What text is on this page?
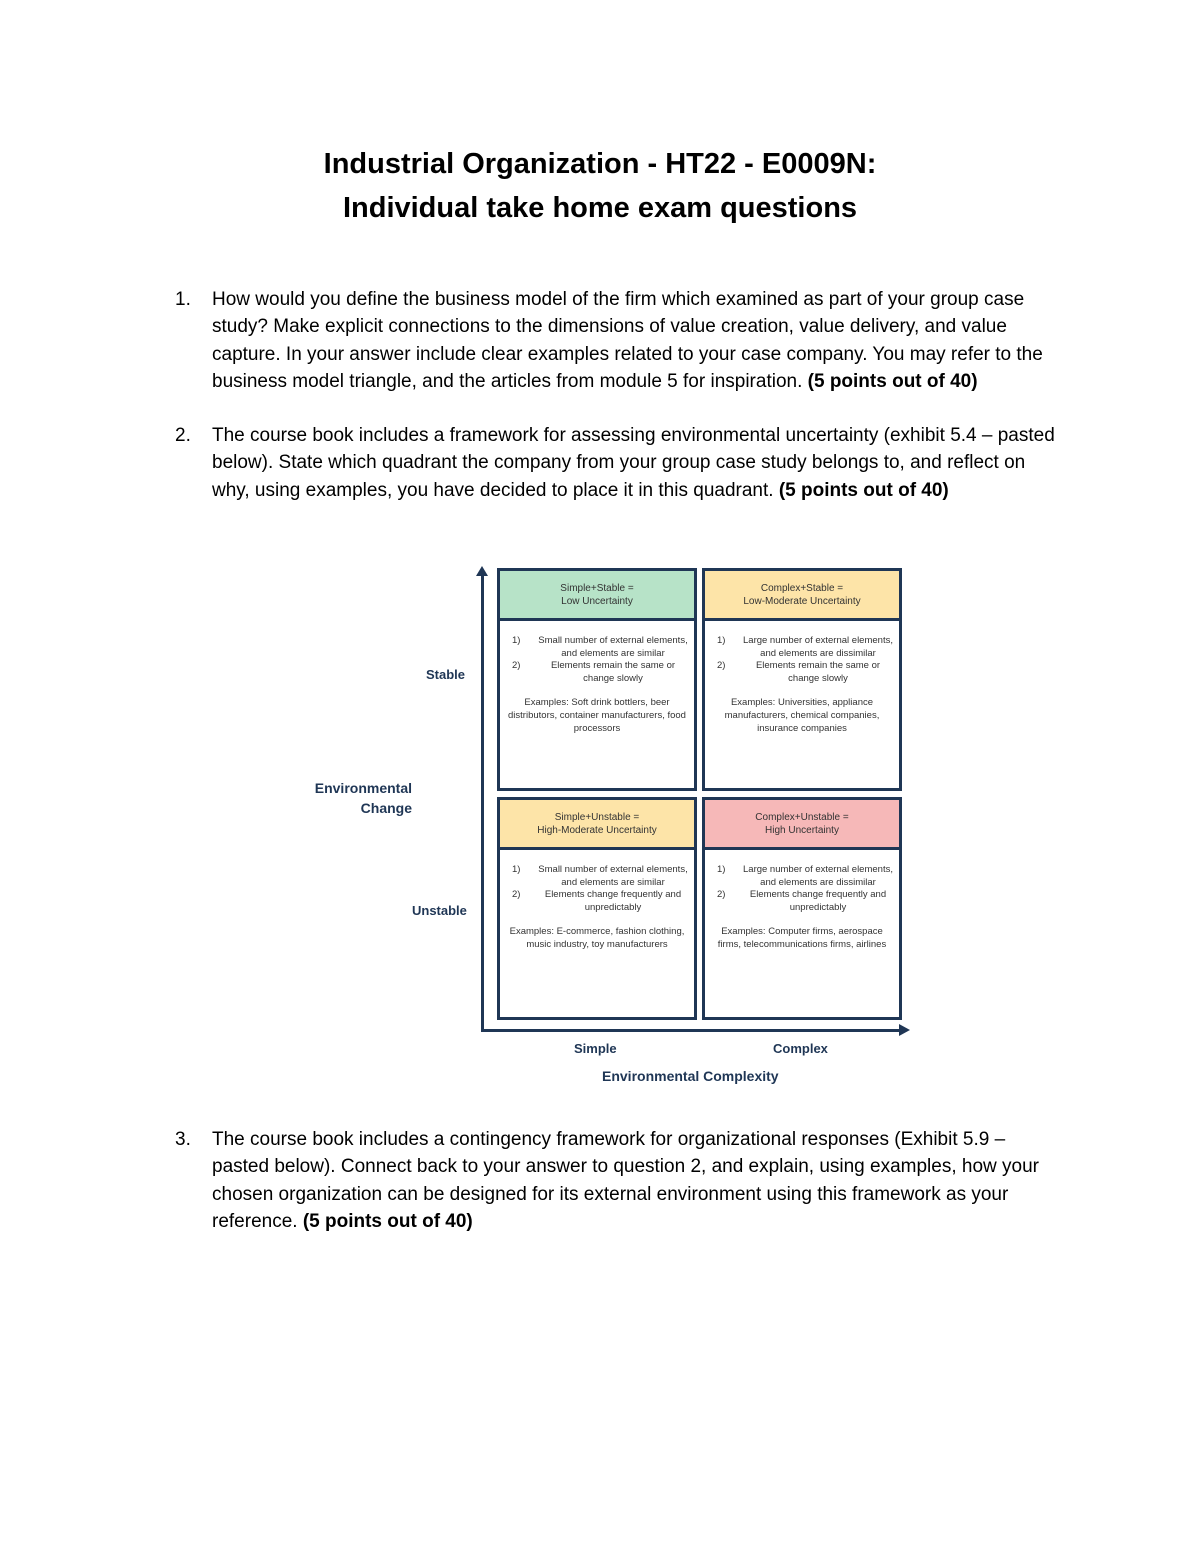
Industrial Organization - HT22 - E0009N:
Individual take home exam questions
1.	How would you define the business model of the firm which examined as part of your group case study? Make explicit connections to the dimensions of value creation, value delivery, and value capture. In your answer include clear examples related to your case company. You may refer to the business model triangle, and the articles from module 5 for inspiration. (5 points out of 40)
2.	The course book includes a framework for assessing environmental uncertainty (exhibit 5.4 – pasted below). State which quadrant the company from your group case study belongs to, and reflect on why, using examples, you have decided to place it in this quadrant. (5 points out of 40)
3.	The course book includes a contingency framework for organizational responses (Exhibit 5.9 – pasted below). Connect back to your answer to question 2, and explain, using examples, how your chosen organization can be designed for its external environment using this framework as your reference. (5 points out of 40)
Stable
Unstable
Simple	Complex
Environmental
Change
Environmental Complexity
Simple+Stable =
Low Uncertainty
1) Small number of external elements, and elements are similar
2)	Elements remain the same or change slowly
Examples: Soft drink bottlers, beer distributors, container manufacturers, food processors
Complex+Stable =
Low-Moderate Uncertainty
1) Large number of external elements, and elements are dissimilar
2)	Elements remain the same or change slowly
Examples: Universities, appliance manufacturers, chemical companies, insurance companies
Simple+Unstable =
High-Moderate Uncertainty
1) Small number of external elements, and elements are similar
2)	Elements change frequently and unpredictably
Examples: E-commerce, fashion clothing, music industry, toy manufacturers
Complex+Unstable =
High Uncertainty
1) Large number of external elements, and elements are dissimilar
2)	Elements change frequently and unpredictably
Examples: Computer firms, aerospace firms, telecommunications firms, airlines
